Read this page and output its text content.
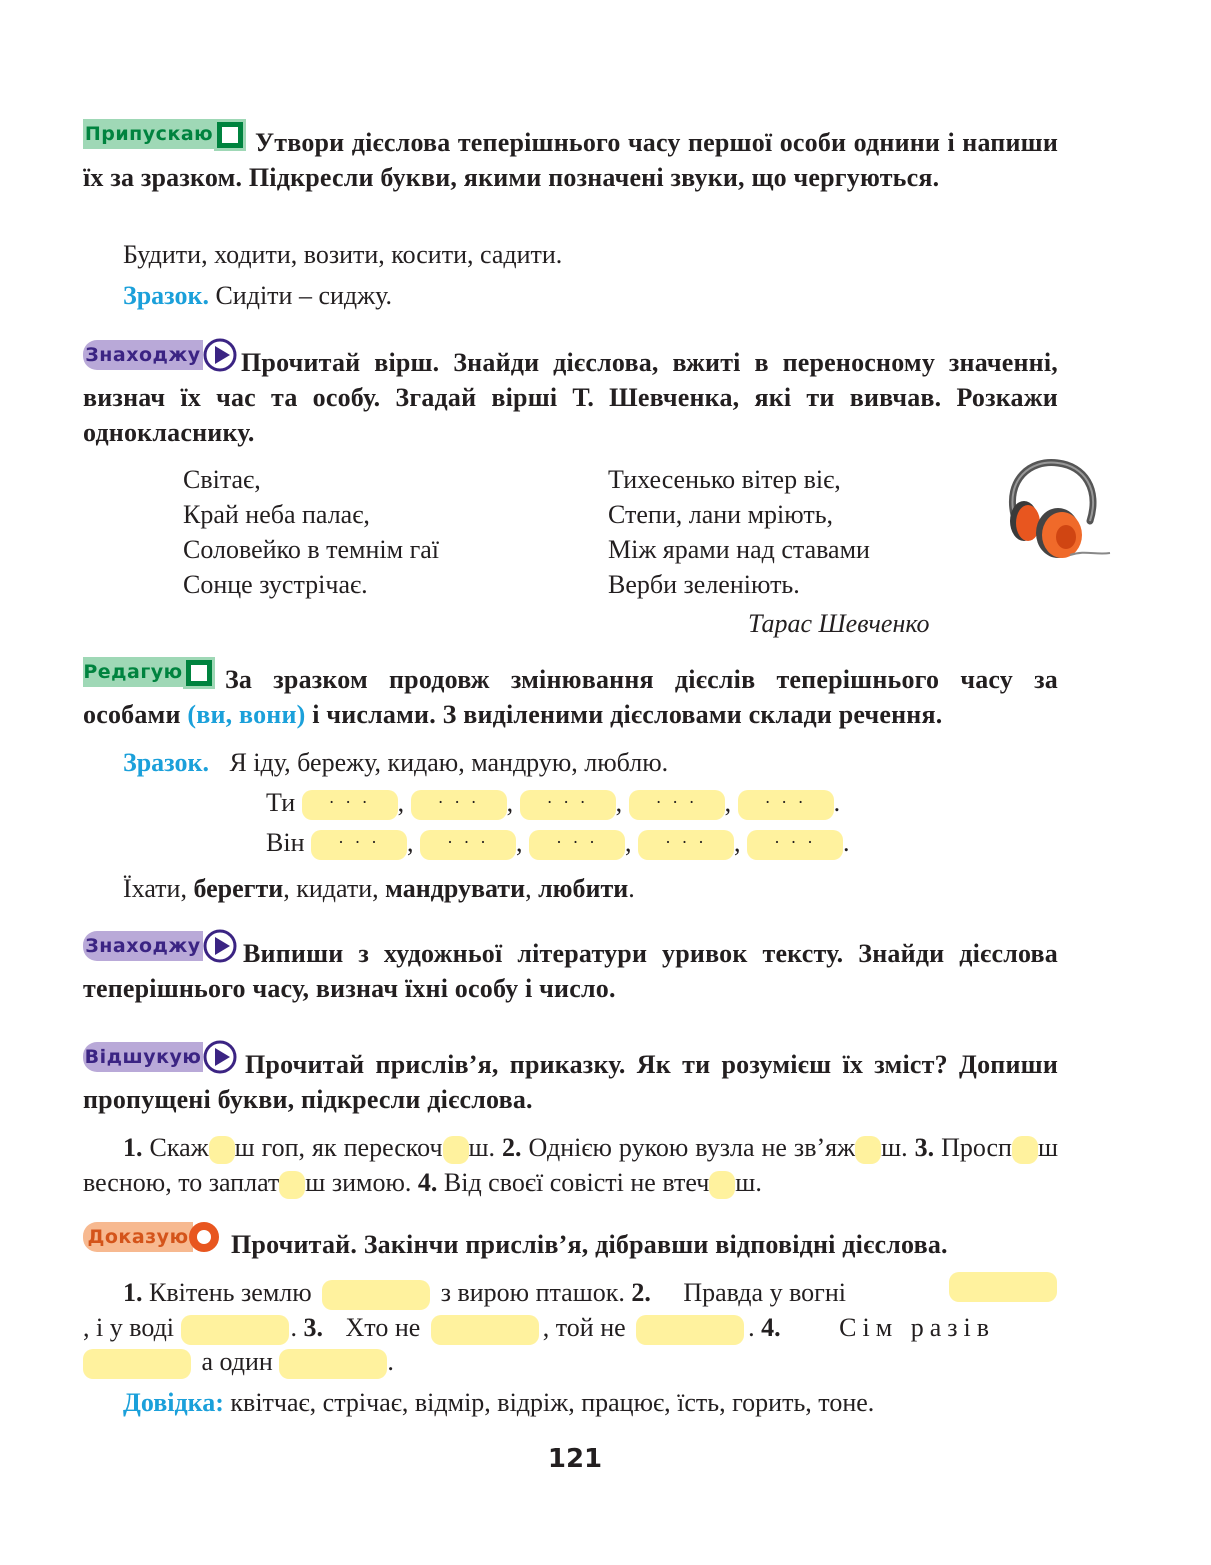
Припускаю	Утвори дієслова теперішнього часу першої особи однини і напиши їх за зразком. Підкресли букви, якими позначені звуки, що чергуються.
Будити, ходити, возити, косити, садити.
Зразок. Сидіти – сиджу.
Знаходжу	Прочитай вірш. Знайди дієслова, вжиті в переносному значенні, визнач їх час та особу. Згадай вірші Т. Шевченка, які ти вивчав. Розкажи однокласнику.
Світає,
Край неба палає,
Соловейко в темнім гаї
Сонце зустрічає.
Тихесенько вітер віє,
Степи, лани мріють,
Між ярами над ставами
Верби зеленіють.
Тарас Шевченко
Редагую	За зразком продовж змінювання дієслів теперішнього часу за особами (ви, вони) і числами. З виділеними дієсловами склади речення.
Зразок. Я іду, бережу, кидаю, мандрую, люблю.
Ти · · · , · · · , · · · , · · · , · · · .
Він · · · , · · · , · · · , · · · , · · · .
Їхати, берегти, кидати, мандрувати, любити.
Знаходжу	Випиши з художньої літератури уривок тексту. Знайди дієслова теперішнього часу, визнач їхні особу і число.
Відшукую	Прочитай прислів’я, приказку. Як ти розумієш їх зміст? Допиши пропущені букви, підкресли дієслова.
1. Скаж ш гоп, як перескоч ш. 2. Однією рукою вузла не зв’яж ш. 3. Просп ш весною, то заплат ш зимою. 4. Від своєї совісті не втеч ш.
Доказую Прочитай. Закінчи прислів’я, дібравши відповідні дієслова.
1. Квітень землю	з вирою пташок. 2. Правда у вогні
, і у воді	. 3. Хто не	, той не	. 4. Сім разів
а один	.
Довідка: квітчає, стрічає, відмір, відріж, працює, їсть, горить, тоне.
121
